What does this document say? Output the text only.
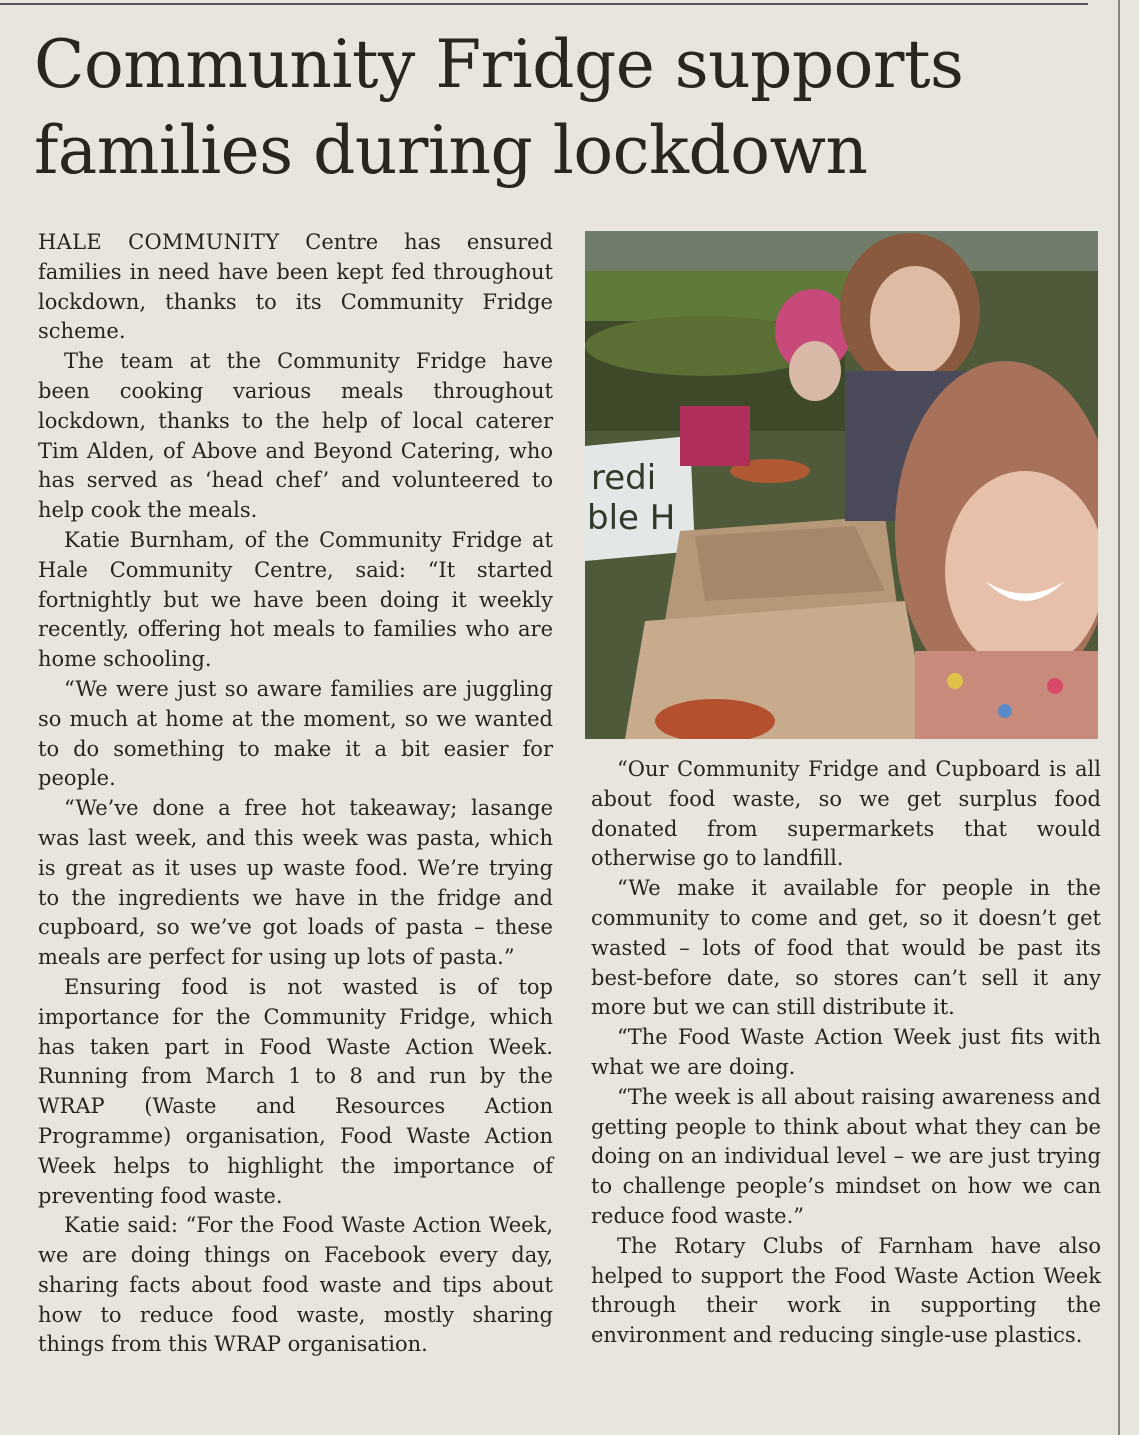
Community Fridge supports
families during lockdown

HALE COMMUNITY Centre has ensured families in need have been kept fed throughout lockdown, thanks to its Community Fridge scheme.

The team at the Community Fridge have been cooking various meals throughout lockdown, thanks to the help of local caterer Tim Alden, of Above and Beyond Catering, who has served as ‘head chef’ and volunteered to help cook the meals.

Katie Burnham, of the Community Fridge at Hale Community Centre, said: “It started fortnightly but we have been doing it weekly recently, offering hot meals to families who are home schooling.

“We were just so aware families are juggling so much at home at the moment, so we wanted to do something to make it a bit easier for people.

“We’ve done a free hot takeaway; lasange was last week, and this week was pasta, which is great as it uses up waste food. We’re trying to the ingredients we have in the fridge and cupboard, so we’ve got loads of pasta – these meals are perfect for using up lots of pasta.”

Ensuring food is not wasted is of top importance for the Community Fridge, which has taken part in Food Waste Action Week. Running from March 1 to 8 and run by the WRAP (Waste and Resources Action Programme) organisation, Food Waste Action Week helps to highlight the importance of preventing food waste.

Katie said: “For the Food Waste Action Week, we are doing things on Facebook every day, sharing facts about food waste and tips about how to reduce food waste, mostly sharing things from this WRAP organisation.

redi
ble H

“Our Community Fridge and Cupboard is all about food waste, so we get surplus food donated from supermarkets that would otherwise go to landfill.

“We make it available for people in the community to come and get, so it doesn’t get wasted – lots of food that would be past its best-before date, so stores can’t sell it any more but we can still distribute it.

“The Food Waste Action Week just fits with what we are doing.

“The week is all about raising awareness and getting people to think about what they can be doing on an individual level – we are just trying to challenge people’s mindset on how we can reduce food waste.”

The Rotary Clubs of Farnham have also helped to support the Food Waste Action Week through their work in supporting the environment and reducing single-use plastics.
